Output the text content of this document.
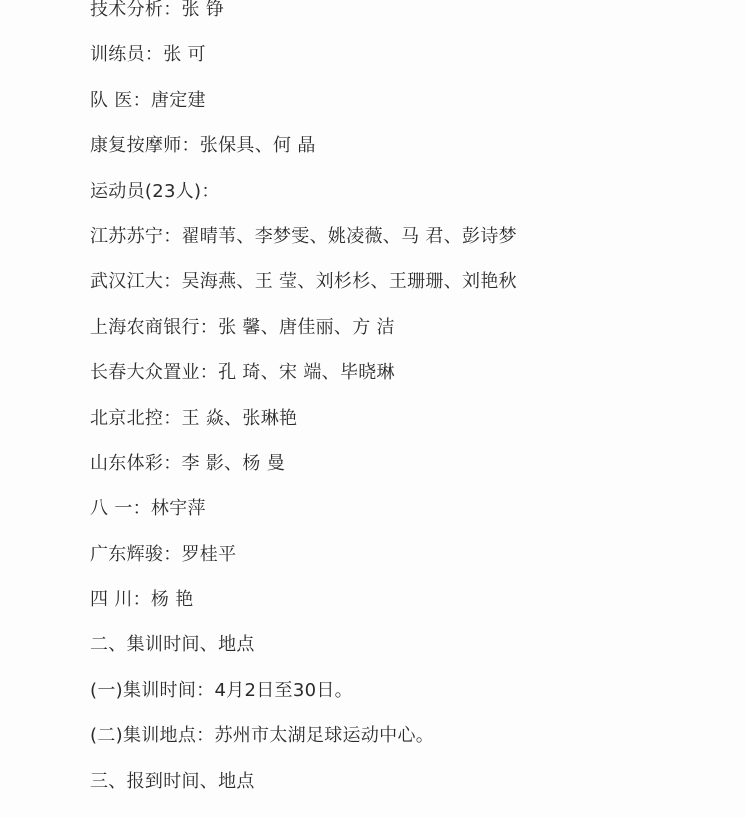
技术分析：张 铮
训练员：张 可
队 医：唐定建
康复按摩师：张保具、何 晶
运动员(23人)：
江苏苏宁：翟晴苇、李梦雯、姚凌薇、马 君、彭诗梦
武汉江大：吴海燕、王 莹、刘杉杉、王珊珊、刘艳秋
上海农商银行：张 馨、唐佳丽、方 洁
长春大众置业：孔 琦、宋 端、毕晓琳
北京北控：王 焱、张琳艳
山东体彩：李 影、杨 曼
八 一：林宇萍
广东辉骏：罗桂平
四 川：杨 艳
二、集训时间、地点
(一)集训时间：4月2日至30日。
(二)集训地点：苏州市太湖足球运动中心。
三、报到时间、地点
